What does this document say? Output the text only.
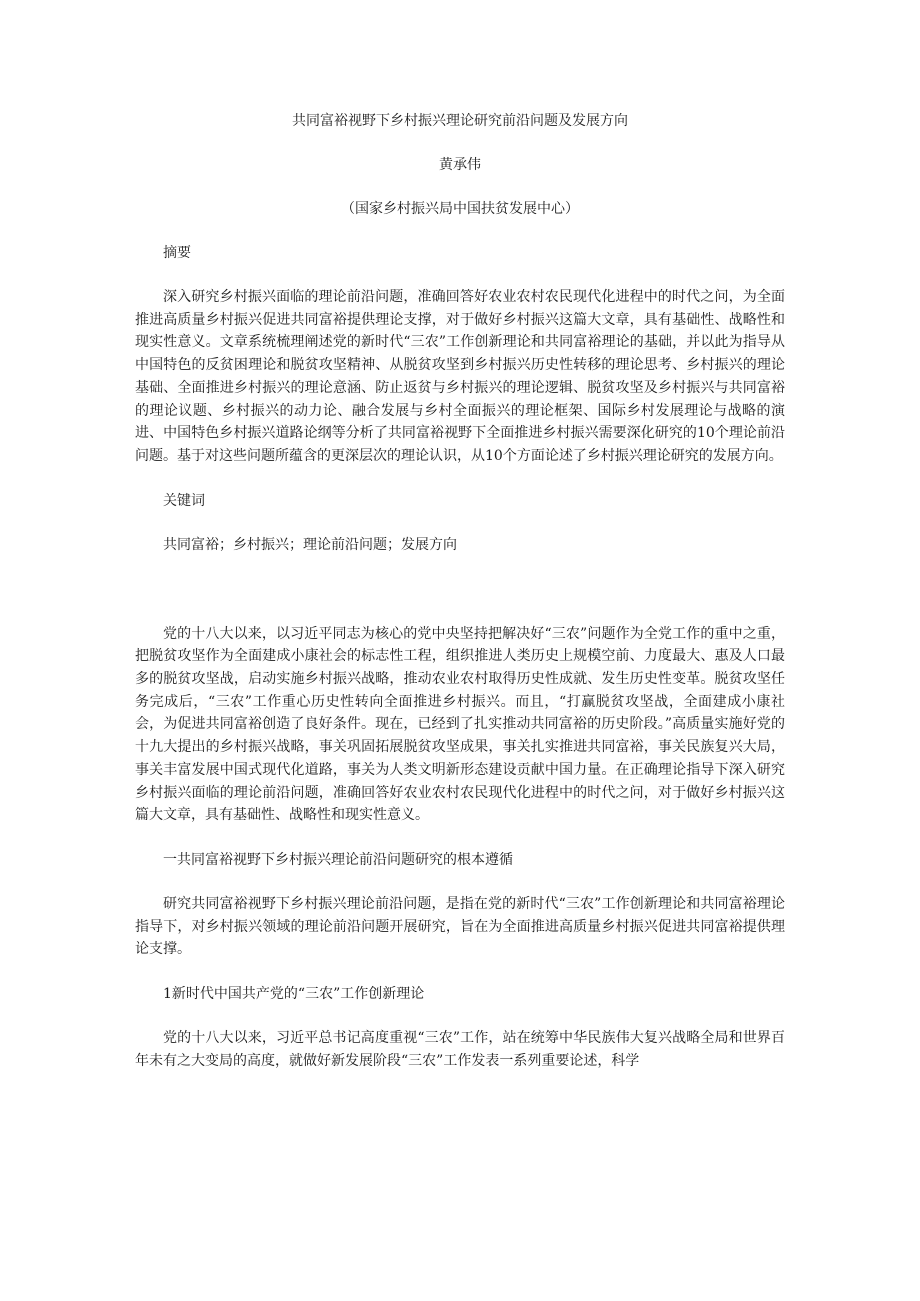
共同富裕视野下乡村振兴理论研究前沿问题及发展方向

黄承伟

（国家乡村振兴局中国扶贫发展中心）

摘要

深入研究乡村振兴面临的理论前沿问题，准确回答好农业农村农民现代化进程中的时代之问，为全面推进高质量乡村振兴促进共同富裕提供理论支撑，对于做好乡村振兴这篇大文章，具有基础性、战略性和现实性意义。文章系统梳理阐述党的新时代“三农”工作创新理论和共同富裕理论的基础，并以此为指导从中国特色的反贫困理论和脱贫攻坚精神、从脱贫攻坚到乡村振兴历史性转移的理论思考、乡村振兴的理论基础、全面推进乡村振兴的理论意涵、防止返贫与乡村振兴的理论逻辑、脱贫攻坚及乡村振兴与共同富裕的理论议题、乡村振兴的动力论、融合发展与乡村全面振兴的理论框架、国际乡村发展理论与战略的演进、中国特色乡村振兴道路论纲等分析了共同富裕视野下全面推进乡村振兴需要深化研究的10个理论前沿问题。基于对这些问题所蕴含的更深层次的理论认识，从10个方面论述了乡村振兴理论研究的发展方向。

关键词

共同富裕；乡村振兴；理论前沿问题；发展方向

党的十八大以来，以习近平同志为核心的党中央坚持把解决好“三农”问题作为全党工作的重中之重，把脱贫攻坚作为全面建成小康社会的标志性工程，组织推进人类历史上规模空前、力度最大、惠及人口最多的脱贫攻坚战，启动实施乡村振兴战略，推动农业农村取得历史性成就、发生历史性变革。脱贫攻坚任务完成后，“三农”工作重心历史性转向全面推进乡村振兴。而且，“打赢脱贫攻坚战，全面建成小康社会，为促进共同富裕创造了良好条件。现在，已经到了扎实推动共同富裕的历史阶段。”高质量实施好党的十九大提出的乡村振兴战略，事关巩固拓展脱贫攻坚成果，事关扎实推进共同富裕，事关民族复兴大局，事关丰富发展中国式现代化道路，事关为人类文明新形态建设贡献中国力量。在正确理论指导下深入研究乡村振兴面临的理论前沿问题，准确回答好农业农村农民现代化进程中的时代之问，对于做好乡村振兴这篇大文章，具有基础性、战略性和现实性意义。

一共同富裕视野下乡村振兴理论前沿问题研究的根本遵循

研究共同富裕视野下乡村振兴理论前沿问题，是指在党的新时代“三农”工作创新理论和共同富裕理论指导下，对乡村振兴领域的理论前沿问题开展研究，旨在为全面推进高质量乡村振兴促进共同富裕提供理论支撑。

1新时代中国共产党的“三农”工作创新理论

党的十八大以来，习近平总书记高度重视“三农”工作，站在统筹中华民族伟大复兴战略全局和世界百年未有之大变局的高度，就做好新发展阶段“三农”工作发表一系列重要论述，科学
